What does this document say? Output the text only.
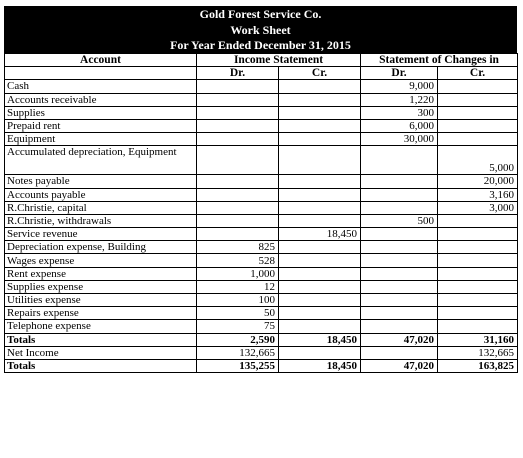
Gold Forest Service Co.
Work Sheet
For Year Ended December 31, 2015
Account	Income Statement		Statement of Changes in	
	Dr.	Cr.	Dr.	Cr.
Cash			9,000	
Accounts receivable			1,220	
Supplies			300	
Prepaid rent			6,000	
Equipment			30,000	
Accumulated depreciation, Equipment				5,000
Notes payable				20,000
Accounts payable				3,160
R.Christie, capital				3,000
R.Christie, withdrawals			500	
Service revenue		18,450		
Depreciation expense, Building	825			
Wages expense	528			
Rent expense	1,000			
Supplies expense	12			
Utilities expense	100			
Repairs expense	50			
Telephone expense	75			
Totals	2,590	18,450	47,020	31,160
Net Income	132,665			132,665
Totals	135,255	18,450	47,020	163,825
